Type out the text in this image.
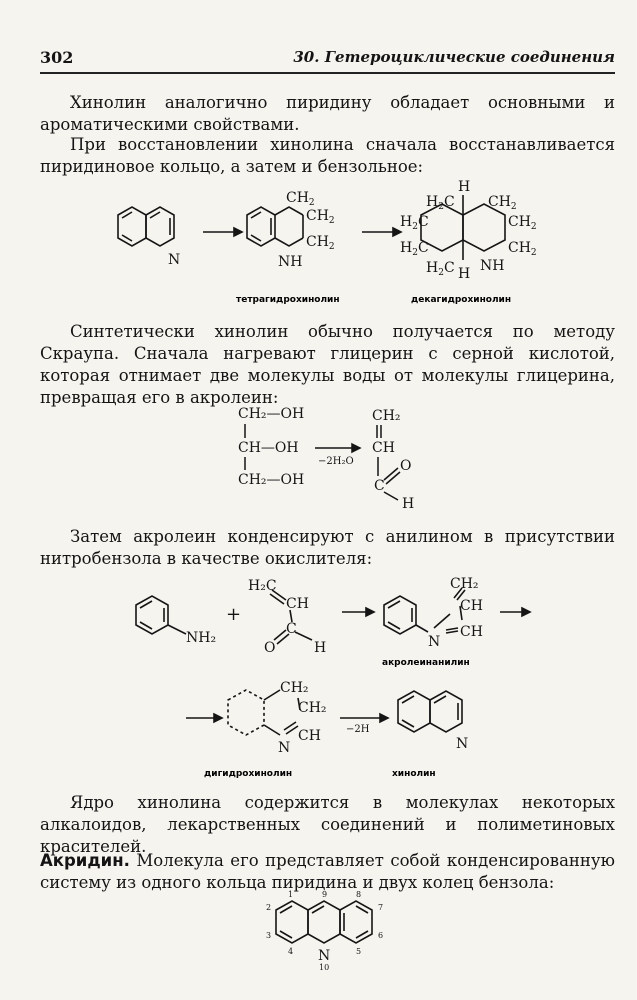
302	30. Гетероциклические соединения

Хинолин аналогично пиридину обладает основными и ароматическими свойствами.

При восстановлении хинолина сначала восстанавливается пиридиновое кольцо, а затем и бензольное:

N
$CH_2$
$CH_2$
$CH_2$
NH
H
H
$H_2C$
$H_2C$
$H_2C$
$H_2C$
$CH_2$
$CH_2$
$CH_2$
NH
тетрагидрохинолин	декагидрохинолин

Синтетически хинолин обычно получается по методу Скраупа. Сначала нагревают глицерин с серной кислотой, которая отнимает две молекулы воды от молекулы глицерина, превращая его в акролеин:

CH₂—OH
CH—OH
CH₂—OH
−2H₂O
CH₂
CH
C
O
H

Затем акролеин конденсируют с анилином в присутствии нитробензола в качестве окислителя:

NH₂
+
H₂C
CH
C
O	H
CH₂
CH
CH
N
CH₂
CH₂
CH
N
−2H
N
акролеинанилин
дигидрохинолин	хинолин

Ядро хинолина содержится в молекулах некоторых алкалоидов, лекарственных соединений и полиметиновых красителей.

Акридин. Молекула его представляет собой конденсированную систему из одного кольца пиридина и двух колец бензола:

N
1
2
3
4	5
6
7
8
9
10
